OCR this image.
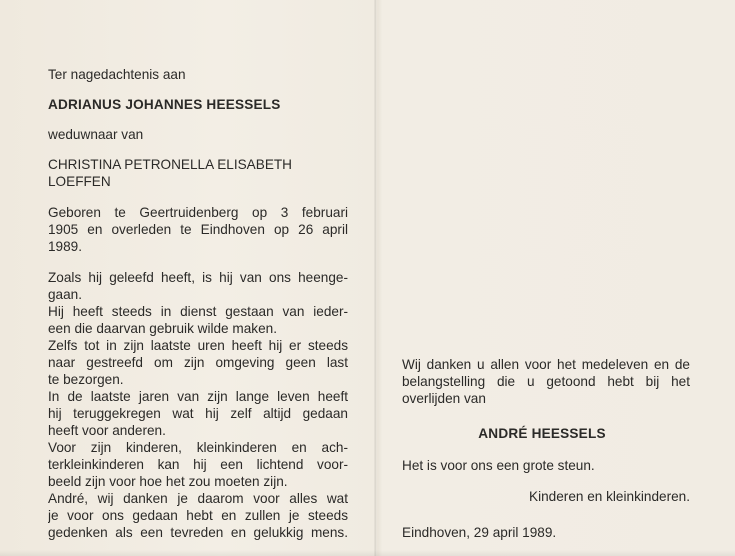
Ter nagedachtenis aan

ADRIANUS JOHANNES HEESSELS

weduwnaar van

CHRISTINA PETRONELLA ELISABETH
LOEFFEN
Geboren te Geertruidenberg op 3 februari
1905 en overleden te Eindhoven op 26 april
1989.
Zoals hij geleefd heeft, is hij van ons heenge-
gaan.
Hij heeft steeds in dienst gestaan van ieder-
een die daarvan gebruik wilde maken.
Zelfs tot in zijn laatste uren heeft hij er steeds
naar gestreefd om zijn omgeving geen last
te bezorgen.
In de laatste jaren van zijn lange leven heeft
hij teruggekregen wat hij zelf altijd gedaan
heeft voor anderen.
Voor zijn kinderen, kleinkinderen en ach-
terkleinkinderen kan hij een lichtend voor-
beeld zijn voor hoe het zou moeten zijn.
André, wij danken je daarom voor alles wat
je voor ons gedaan hebt en zullen je steeds
gedenken als een tevreden en gelukkig mens.
Wij danken u allen voor het medeleven en de
belangstelling die u getoond hebt bij het
overlijden van

ANDRÉ HEESSELS

Het is voor ons een grote steun.

Kinderen en kleinkinderen.

Eindhoven, 29 april 1989.
